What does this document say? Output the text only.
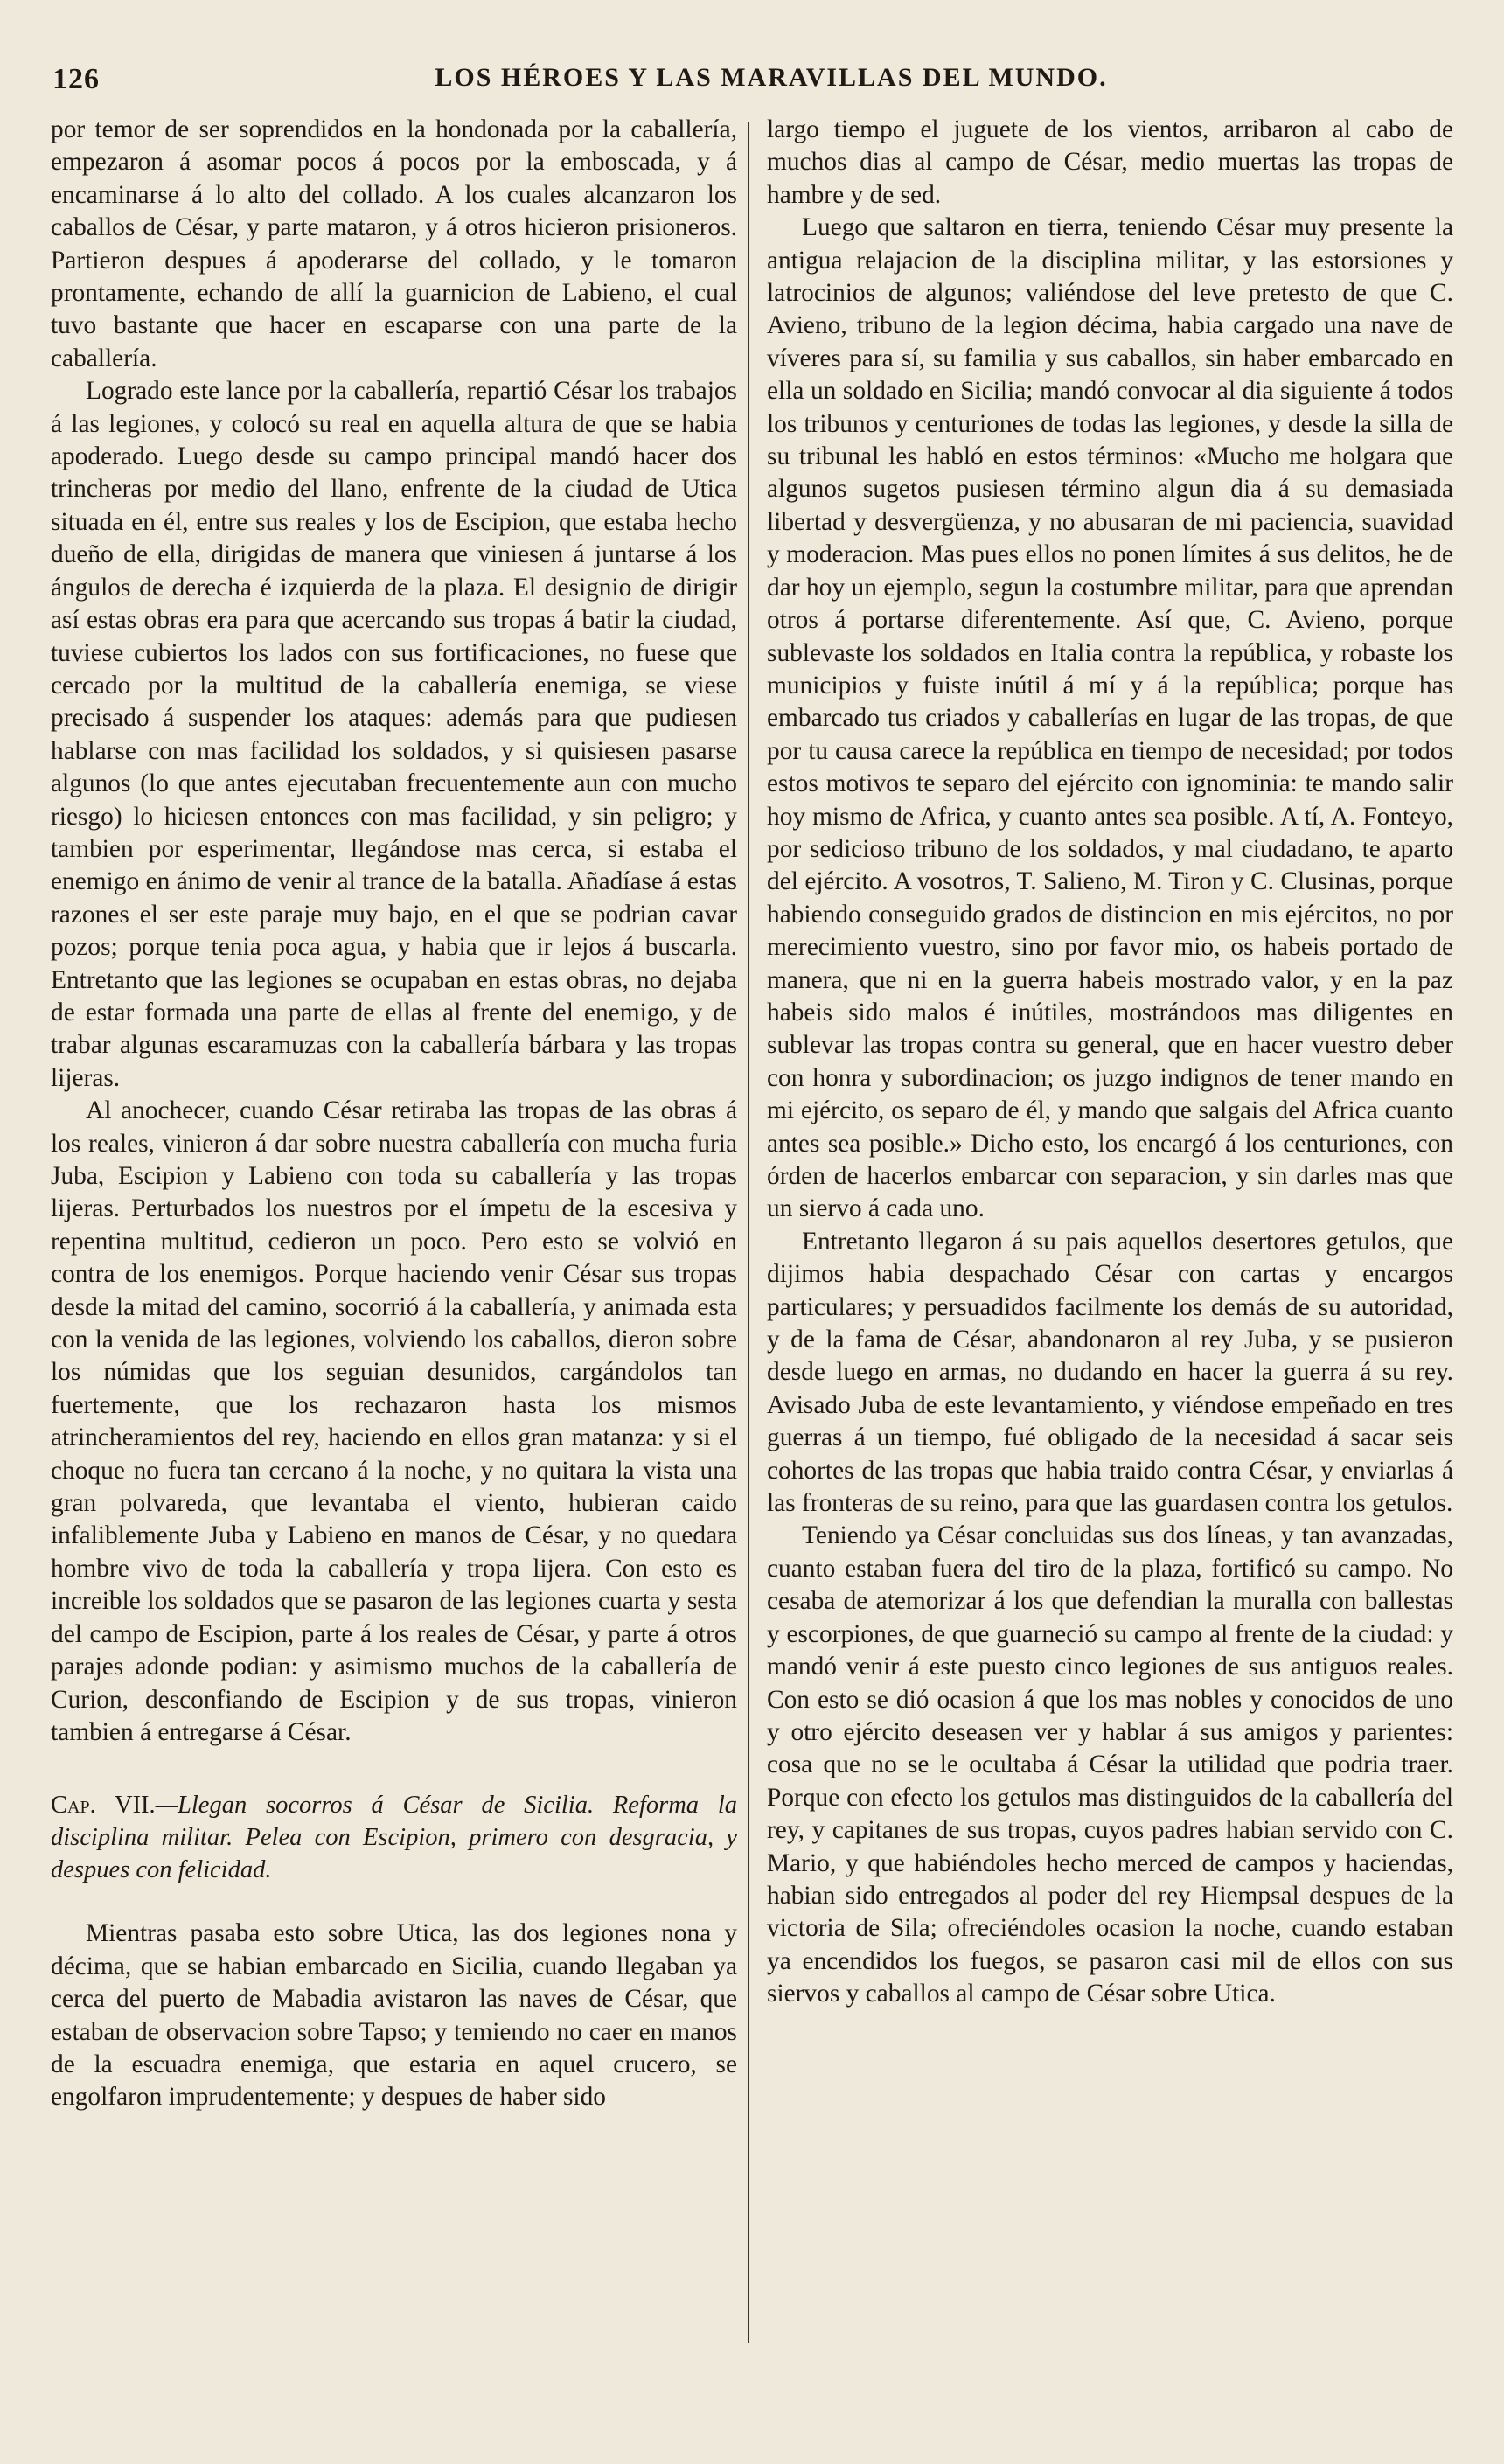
126	LOS HÉROES Y LAS MARAVILLAS DEL MUNDO.

por temor de ser soprendidos en la hondonada por la caballería, empezaron á asomar pocos á pocos por la emboscada, y á encaminarse á lo alto del collado. A los cuales alcanzaron los caballos de César, y parte mataron, y á otros hicieron prisioneros. Partieron despues á apoderarse del collado, y le tomaron prontamente, echando de allí la guarnicion de Labieno, el cual tuvo bastante que hacer en escaparse con una parte de la caballería.

Logrado este lance por la caballería, repartió César los trabajos á las legiones, y colocó su real en aquella altura de que se habia apoderado. Luego desde su campo principal mandó hacer dos trincheras por medio del llano, enfrente de la ciudad de Utica situada en él, entre sus reales y los de Escipion, que estaba hecho dueño de ella, dirigidas de manera que viniesen á juntarse á los ángulos de derecha é izquierda de la plaza. El designio de dirigir así estas obras era para que acercando sus tropas á batir la ciudad, tuviese cubiertos los lados con sus fortificaciones, no fuese que cercado por la multitud de la caballería enemiga, se viese precisado á suspender los ataques: además para que pudiesen hablarse con mas facilidad los soldados, y si quisiesen pasarse algunos (lo que antes ejecutaban frecuentemente aun con mucho riesgo) lo hiciesen entonces con mas facilidad, y sin peligro; y tambien por esperimentar, llegándose mas cerca, si estaba el enemigo en ánimo de venir al trance de la batalla. Añadíase á estas razones el ser este paraje muy bajo, en el que se podrian cavar pozos; porque tenia poca agua, y habia que ir lejos á buscarla. Entretanto que las legiones se ocupaban en estas obras, no dejaba de estar formada una parte de ellas al frente del enemigo, y de trabar algunas escaramuzas con la caballería bárbara y las tropas lijeras.

Al anochecer, cuando César retiraba las tropas de las obras á los reales, vinieron á dar sobre nuestra caballería con mucha furia Juba, Escipion y Labieno con toda su caballería y las tropas lijeras. Perturbados los nuestros por el ímpetu de la escesiva y repentina multitud, cedieron un poco. Pero esto se volvió en contra de los enemigos. Porque haciendo venir César sus tropas desde la mitad del camino, socorrió á la caballería, y animada esta con la venida de las legiones, volviendo los caballos, dieron sobre los númidas que los seguian desunidos, cargándolos tan fuertemente, que los rechazaron hasta los mismos atrincheramientos del rey, haciendo en ellos gran matanza: y si el choque no fuera tan cercano á la noche, y no quitara la vista una gran polvareda, que levantaba el viento, hubieran caido infaliblemente Juba y Labieno en manos de César, y no quedara hombre vivo de toda la caballería y tropa lijera. Con esto es increible los soldados que se pasaron de las legiones cuarta y sesta del campo de Escipion, parte á los reales de César, y parte á otros parajes adonde podian: y asimismo muchos de la caballería de Curion, desconfiando de Escipion y de sus tropas, vinieron tambien á entregarse á César.

Cap. VII.—Llegan socorros á César de Sicilia. Reforma la disciplina militar. Pelea con Escipion, primero con desgracia, y despues con felicidad.

Mientras pasaba esto sobre Utica, las dos legiones nona y décima, que se habian embarcado en Sicilia, cuando llegaban ya cerca del puerto de Mabadia avistaron las naves de César, que estaban de observacion sobre Tapso; y temiendo no caer en manos de la escuadra enemiga, que estaria en aquel crucero, se engolfaron imprudentemente; y despues de haber sido

largo tiempo el juguete de los vientos, arribaron al cabo de muchos dias al campo de César, medio muertas las tropas de hambre y de sed.

Luego que saltaron en tierra, teniendo César muy presente la antigua relajacion de la disciplina militar, y las estorsiones y latrocinios de algunos; valiéndose del leve pretesto de que C. Avieno, tribuno de la legion décima, habia cargado una nave de víveres para sí, su familia y sus caballos, sin haber embarcado en ella un soldado en Sicilia; mandó convocar al dia siguiente á todos los tribunos y centuriones de todas las legiones, y desde la silla de su tribunal les habló en estos términos: «Mucho me holgara que algunos sugetos pusiesen término algun dia á su demasiada libertad y desvergüenza, y no abusaran de mi paciencia, suavidad y moderacion. Mas pues ellos no ponen límites á sus delitos, he de dar hoy un ejemplo, segun la costumbre militar, para que aprendan otros á portarse diferentemente. Así que, C. Avieno, porque sublevaste los soldados en Italia contra la república, y robaste los municipios y fuiste inútil á mí y á la república; porque has embarcado tus criados y caballerías en lugar de las tropas, de que por tu causa carece la república en tiempo de necesidad; por todos estos motivos te separo del ejército con ignominia: te mando salir hoy mismo de Africa, y cuanto antes sea posible. A tí, A. Fonteyo, por sedicioso tribuno de los soldados, y mal ciudadano, te aparto del ejército. A vosotros, T. Salieno, M. Tiron y C. Clusinas, porque habiendo conseguido grados de distincion en mis ejércitos, no por merecimiento vuestro, sino por favor mio, os habeis portado de manera, que ni en la guerra habeis mostrado valor, y en la paz habeis sido malos é inútiles, mostrándoos mas diligentes en sublevar las tropas contra su general, que en hacer vuestro deber con honra y subordinacion; os juzgo indignos de tener mando en mi ejército, os separo de él, y mando que salgais del Africa cuanto antes sea posible.» Dicho esto, los encargó á los centuriones, con órden de hacerlos embarcar con separacion, y sin darles mas que un siervo á cada uno.

Entretanto llegaron á su pais aquellos desertores getulos, que dijimos habia despachado César con cartas y encargos particulares; y persuadidos facilmente los demás de su autoridad, y de la fama de César, abandonaron al rey Juba, y se pusieron desde luego en armas, no dudando en hacer la guerra á su rey. Avisado Juba de este levantamiento, y viéndose empeñado en tres guerras á un tiempo, fué obligado de la necesidad á sacar seis cohortes de las tropas que habia traido contra César, y enviarlas á las fronteras de su reino, para que las guardasen contra los getulos.

Teniendo ya César concluidas sus dos líneas, y tan avanzadas, cuanto estaban fuera del tiro de la plaza, fortificó su campo. No cesaba de atemorizar á los que defendian la muralla con ballestas y escorpiones, de que guarneció su campo al frente de la ciudad: y mandó venir á este puesto cinco legiones de sus antiguos reales. Con esto se dió ocasion á que los mas nobles y conocidos de uno y otro ejército deseasen ver y hablar á sus amigos y parientes: cosa que no se le ocultaba á César la utilidad que podria traer. Porque con efecto los getulos mas distinguidos de la caballería del rey, y capitanes de sus tropas, cuyos padres habian servido con C. Mario, y que habiéndoles hecho merced de campos y haciendas, habian sido entregados al poder del rey Hiempsal despues de la victoria de Sila; ofreciéndoles ocasion la noche, cuando estaban ya encendidos los fuegos, se pasaron casi mil de ellos con sus siervos y caballos al campo de César sobre Utica.
